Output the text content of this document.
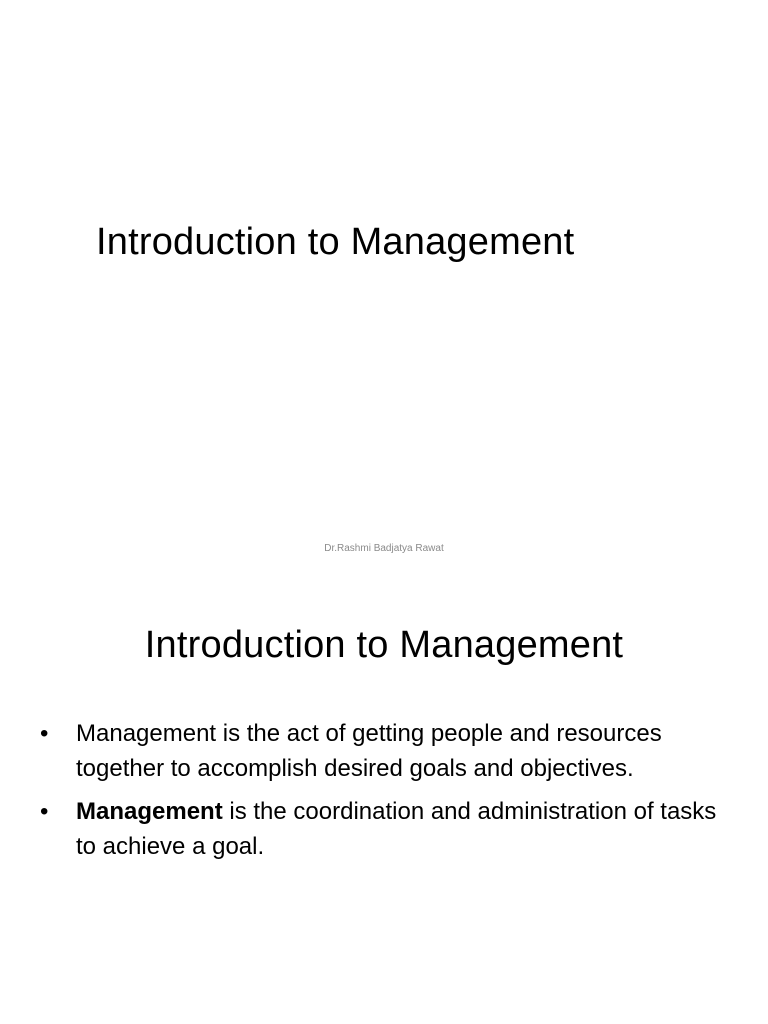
Introduction to Management
Dr.Rashmi Badjatya Rawat
Introduction to Management
•	Management is the act of getting people and resources together to accomplish desired goals and objectives.
•	Management is the coordination and administration of tasks to achieve a goal.
